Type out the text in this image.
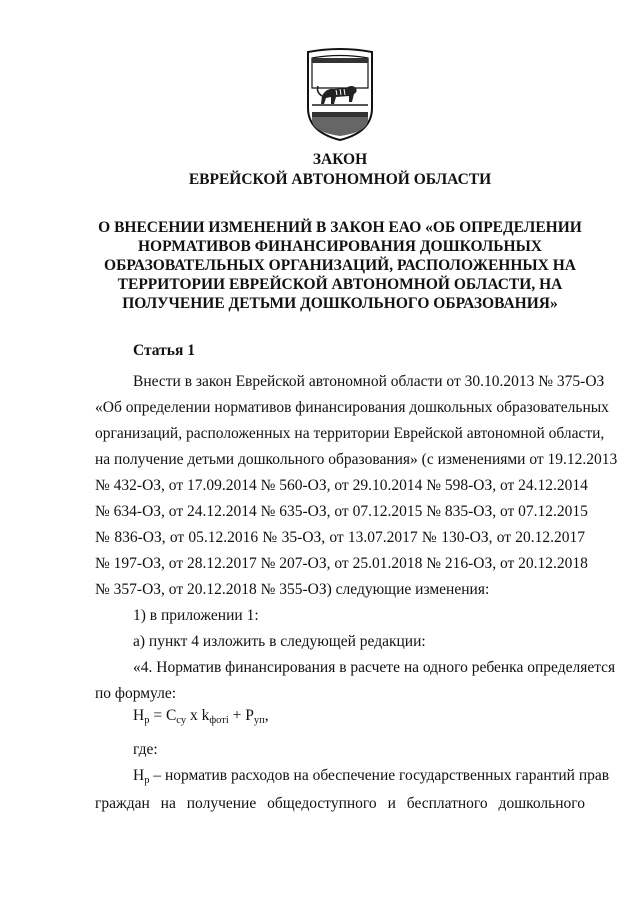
ЗАКОН

ЕВРЕЙСКОЙ АВТОНОМНОЙ ОБЛАСТИ

О ВНЕСЕНИИ ИЗМЕНЕНИЙ В ЗАКОН ЕАО «ОБ ОПРЕДЕЛЕНИИ
НОРМАТИВОВ ФИНАНСИРОВАНИЯ ДОШКОЛЬНЫХ
ОБРАЗОВАТЕЛЬНЫХ ОРГАНИЗАЦИЙ, РАСПОЛОЖЕННЫХ НА
ТЕРРИТОРИИ ЕВРЕЙСКОЙ АВТОНОМНОЙ ОБЛАСТИ, НА
ПОЛУЧЕНИЕ ДЕТЬМИ ДОШКОЛЬНОГО ОБРАЗОВАНИЯ»

Статья 1

Внести в закон Еврейской автономной области от 30.10.2013 № 375-ОЗ
«Об определении нормативов финансирования дошкольных образовательных
организаций, расположенных на территории Еврейской автономной области,
на получение детьми дошкольного образования» (с изменениями от 19.12.2013
№ 432-ОЗ, от 17.09.2014 № 560-ОЗ, от 29.10.2014 № 598-ОЗ, от 24.12.2014
№ 634-ОЗ, от 24.12.2014 № 635-ОЗ, от 07.12.2015 № 835-ОЗ, от 07.12.2015
№ 836-ОЗ, от 05.12.2016 № 35-ОЗ, от 13.07.2017 № 130-ОЗ, от 20.12.2017
№ 197-ОЗ, от 28.12.2017 № 207-ОЗ, от 25.01.2018 № 216-ОЗ, от 20.12.2018
№ 357-ОЗ, от 20.12.2018 № 355-ОЗ) следующие изменения:

1) в приложении 1:

а) пункт 4 изложить в следующей редакции:

«4. Норматив финансирования в расчете на одного ребенка определяется
по формуле:

Нр = Ссу х kфоті + Руп,

где:

Нр – норматив расходов на обеспечение государственных гарантий прав
граждан на получение общедоступного и бесплатного дошкольного
